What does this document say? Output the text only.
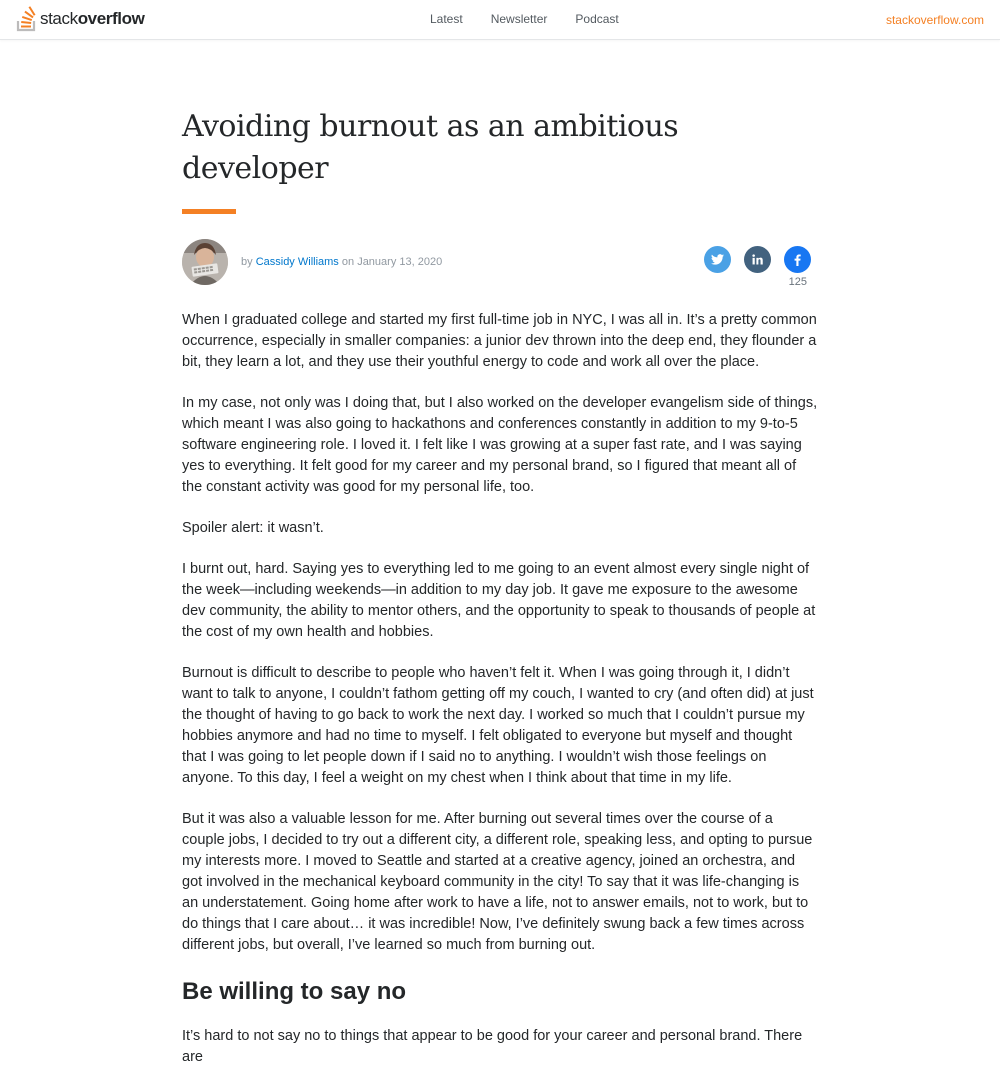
stackoverflow	Latest Newsletter Podcast	stackoverflow.com
Avoiding burnout as an ambitious developer
by Cassidy Williams on January 13, 2020
125

When I graduated college and started my first full-time job in NYC, I was all in. It’s a pretty common occurrence, especially in smaller companies: a junior dev thrown into the deep end, they flounder a bit, they learn a lot, and they use their youthful energy to code and work all over the place.

In my case, not only was I doing that, but I also worked on the developer evangelism side of things, which meant I was also going to hackathons and conferences constantly in addition to my 9-to-5 software engineering role. I loved it. I felt like I was growing at a super fast rate, and I was saying yes to everything. It felt good for my career and my personal brand, so I figured that meant all of the constant activity was good for my personal life, too.

Spoiler alert: it wasn’t.

I burnt out, hard. Saying yes to everything led to me going to an event almost every single night of the week—including weekends—in addition to my day job. It gave me exposure to the awesome dev community, the ability to mentor others, and the opportunity to speak to thousands of people at the cost of my own health and hobbies.

Burnout is difficult to describe to people who haven’t felt it. When I was going through it, I didn’t want to talk to anyone, I couldn’t fathom getting off my couch, I wanted to cry (and often did) at just the thought of having to go back to work the next day. I worked so much that I couldn’t pursue my hobbies anymore and had no time to myself. I felt obligated to everyone but myself and thought that I was going to let people down if I said no to anything. I wouldn’t wish those feelings on anyone. To this day, I feel a weight on my chest when I think about that time in my life.

But it was also a valuable lesson for me. After burning out several times over the course of a couple jobs, I decided to try out a different city, a different role, speaking less, and opting to pursue my interests more. I moved to Seattle and started at a creative agency, joined an orchestra, and got involved in the mechanical keyboard community in the city! To say that it was life-changing is an understatement. Going home after work to have a life, not to answer emails, not to work, but to do things that I care about… it was incredible! Now, I’ve definitely swung back a few times across different jobs, but overall, I’ve learned so much from burning out.

Be willing to say no
It’s hard to not say no to things that appear to be good for your career and personal brand. There are
